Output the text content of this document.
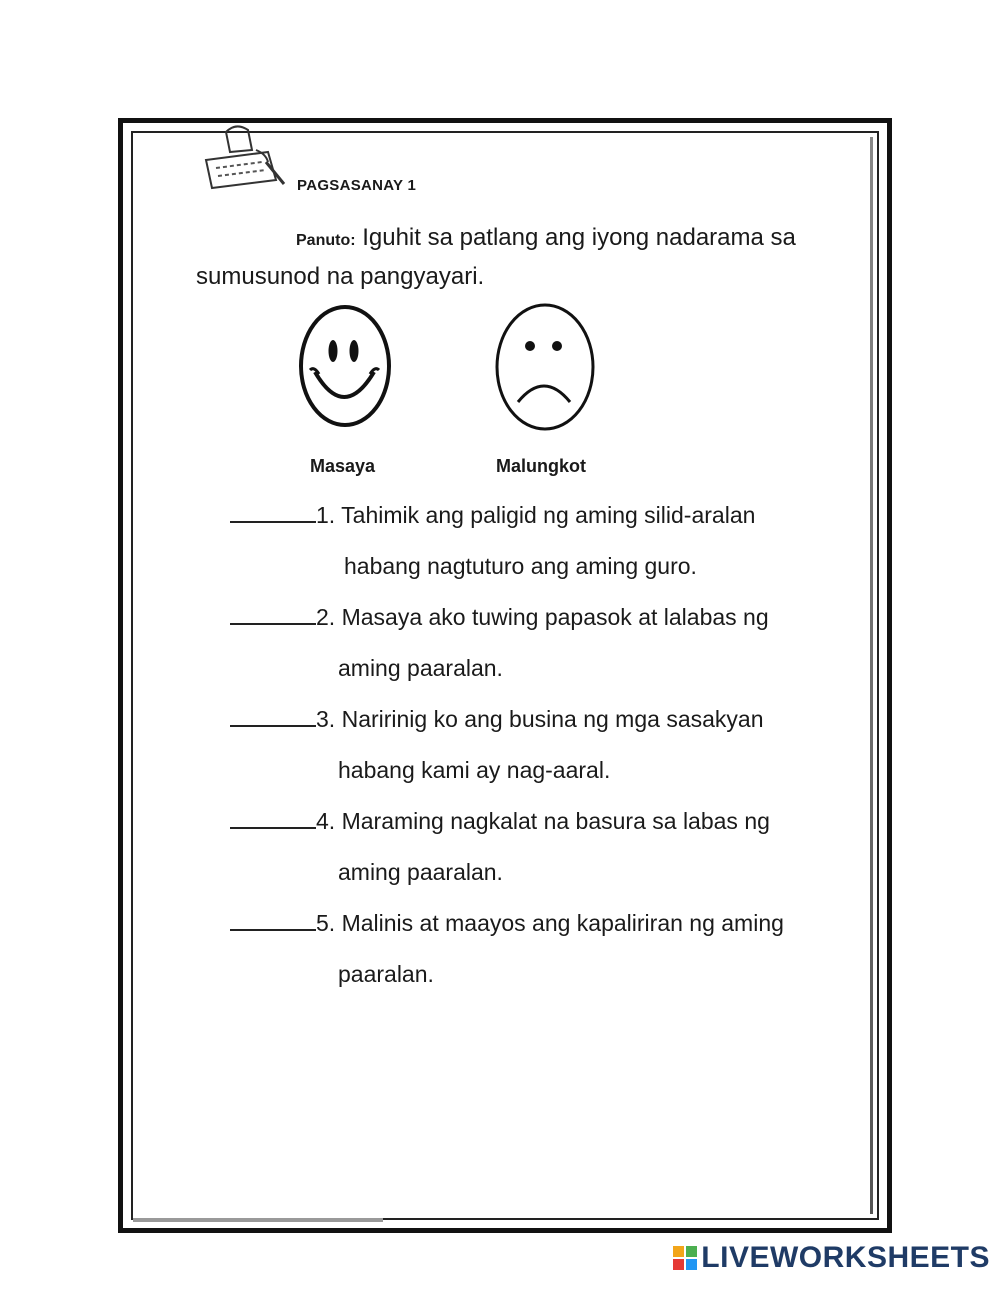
PAGSASANAY 1
Panuto: Iguhit sa patlang ang iyong nadarama sa sumusunod na pangyayari.
Masaya	Malungkot
1. Tahimik ang paligid ng aming silid-aralan
habang nagtuturo ang aming guro.
2. Masaya ako tuwing papasok at lalabas ng
aming paaralan.
3. Naririnig ko ang busina ng mga sasakyan
habang kami ay nag-aaral.
4. Maraming nagkalat na basura sa labas ng
aming paaralan.
5. Malinis at maayos ang kapaliriran ng aming
paaralan.
LIVEWORKSHEETS
